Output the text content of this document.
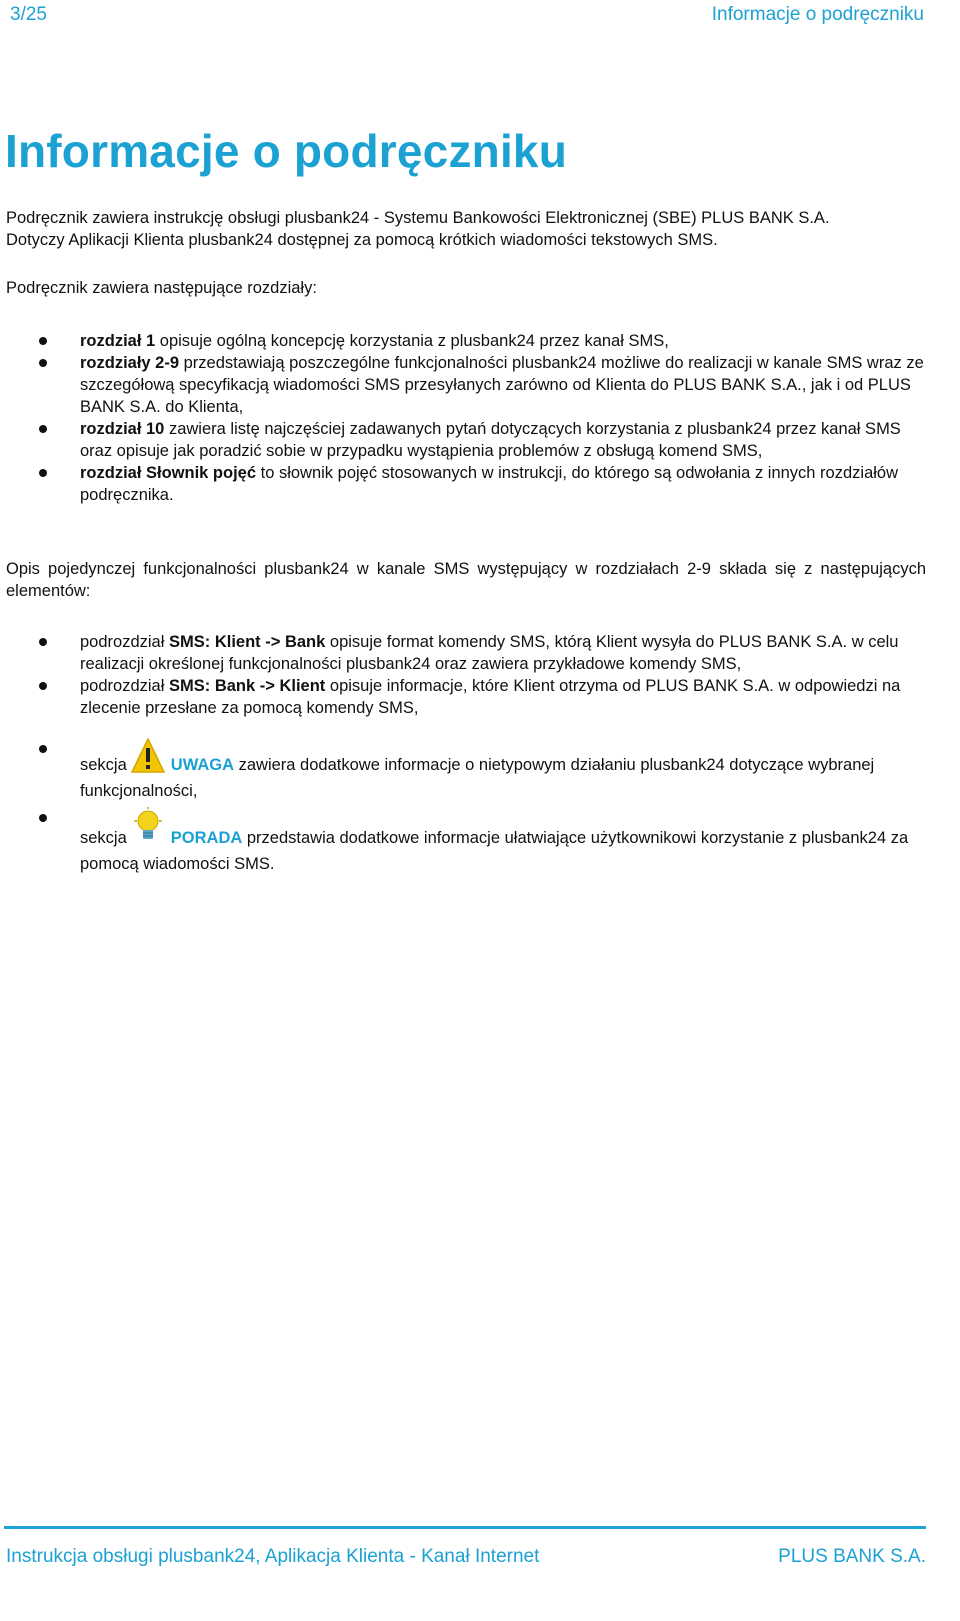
3/25	Informacje o podręczniku
Informacje o podręczniku

Podręcznik zawiera instrukcję obsługi plusbank24 - Systemu Bankowości Elektronicznej (SBE) PLUS BANK S.A.
Dotyczy Aplikacji Klienta plusbank24 dostępnej za pomocą krótkich wiadomości tekstowych SMS.

Podręcznik zawiera następujące rozdziały:

rozdział 1 opisuje ogólną koncepcję korzystania z plusbank24 przez kanał SMS,
rozdziały 2-9 przedstawiają poszczególne funkcjonalności plusbank24 możliwe do realizacji w kanale SMS wraz ze szczegółową specyfikacją wiadomości SMS przesyłanych zarówno od Klienta do PLUS BANK S.A., jak i od PLUS BANK S.A. do Klienta,
rozdział 10 zawiera listę najczęściej zadawanych pytań dotyczących korzystania z plusbank24 przez kanał SMS oraz opisuje jak poradzić sobie w przypadku wystąpienia problemów z obsługą komend SMS,
rozdział Słownik pojęć to słownik pojęć stosowanych w instrukcji, do którego są odwołania z innych rozdziałów podręcznika.

Opis pojedynczej funkcjonalności plusbank24 w kanale SMS występujący w rozdziałach 2-9 składa się z następujących elementów:

podrozdział SMS: Klient -> Bank opisuje format komendy SMS, którą Klient wysyła do PLUS BANK S.A. w celu realizacji określonej funkcjonalności plusbank24 oraz zawiera przykładowe komendy SMS,
podrozdział SMS: Bank -> Klient opisuje informacje, które Klient otrzyma od PLUS BANK S.A. w odpowiedzi na zlecenie przesłane za pomocą komendy SMS,
sekcja	UWAGA zawiera dodatkowe informacje o nietypowym działaniu plusbank24 dotyczące wybranej funkcjonalności,
sekcja	PORADA przedstawia dodatkowe informacje ułatwiające użytkownikowi korzystanie z plusbank24 za pomocą wiadomości SMS.
Instrukcja obsługi plusbank24, Aplikacja Klienta - Kanał Internet	PLUS BANK S.A.
